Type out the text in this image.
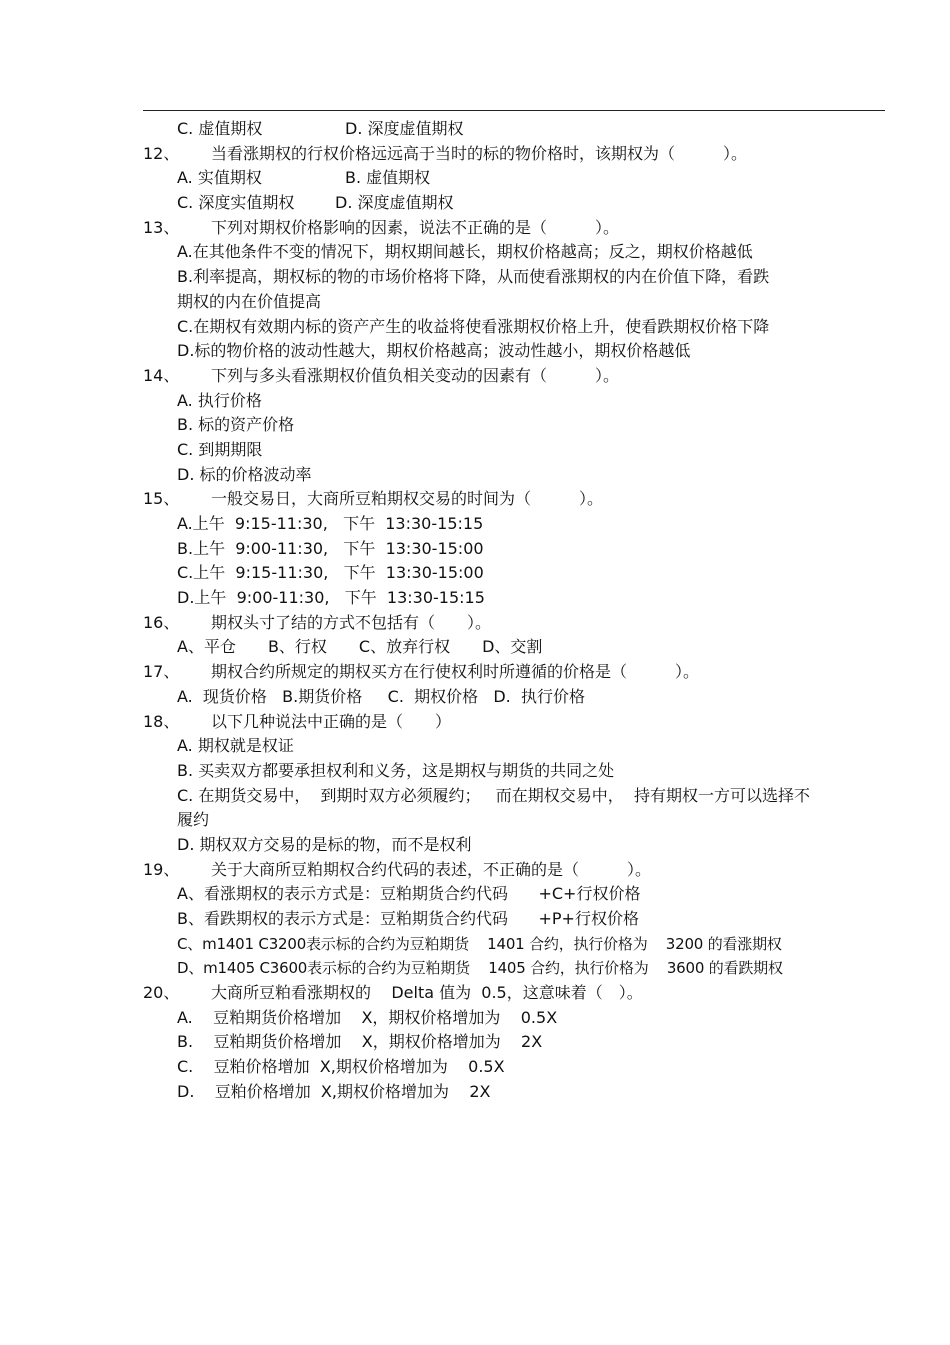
C. 虚值期权	D. 深度虚值期权
12、 当看涨期权的行权价格远远高于当时的标的物价格时，该期权为（　　　）。
A. 实值期权	B. 虚值期权
C. 深度实值期权	D. 深度虚值期权
13、 下列对期权价格影响的因素，说法不正确的是（　　　）。
A.在其他条件不变的情况下，期权期间越长，期权价格越高；反之，期权价格越低
B.利率提高，期权标的物的市场价格将下降，从而使看涨期权的内在价值下降，看跌
期权的内在价值提高
C.在期权有效期内标的资产产生的收益将使看涨期权价格上升，使看跌期权价格下降
D.标的物价格的波动性越大，期权价格越高；波动性越小，期权价格越低
14、 下列与多头看涨期权价值负相关变动的因素有（　　　）。
A. 执行价格
B. 标的资产价格
C. 到期期限
D. 标的价格波动率
15、 一般交易日，大商所豆粕期权交易的时间为（　　　）。
A.上午  9:15-11:30,   下午  13:30-15:15
B.上午  9:00-11:30,   下午  13:30-15:00
C.上午  9:15-11:30,   下午  13:30-15:00
D.上午  9:00-11:30,   下午  13:30-15:15
16、 期权头寸了结的方式不包括有（　　）。
A、平仓　　B、行权　　C、放弃行权　　D、交割
17、 期权合约所规定的期权买方在行使权利时所遵循的价格是（　　　）。
A.  现货价格   B.期货价格     C.  期权价格   D.  执行价格
18、 以下几种说法中正确的是（　　）
A. 期权就是权证
B. 买卖双方都要承担权利和义务，这是期权与期货的共同之处
C. 在期货交易中，  到期时双方必须履约；   而在期权交易中，  持有期权一方可以选择不
履约
D. 期权双方交易的是标的物，而不是权利
19、 关于大商所豆粕期权合约代码的表述，不正确的是（　　　）。
A、看涨期权的表示方式是：豆粕期货合约代码      +C+行权价格
B、看跌期权的表示方式是：豆粕期货合约代码      +P+行权价格
C、m1401 C3200表示标的合约为豆粕期货    1401 合约，执行价格为    3200 的看涨期权
D、m1405 C3600表示标的合约为豆粕期货    1405 合约，执行价格为    3600 的看跌期权
20、 大商所豆粕看涨期权的    Delta 值为  0.5，这意味着（　）。
A.    豆粕期货价格增加    X，期权价格增加为    0.5X
B.    豆粕期货价格增加    X，期权价格增加为    2X
C.    豆粕价格增加  X,期权价格增加为    0.5X
D.    豆粕价格增加  X,期权价格增加为    2X
